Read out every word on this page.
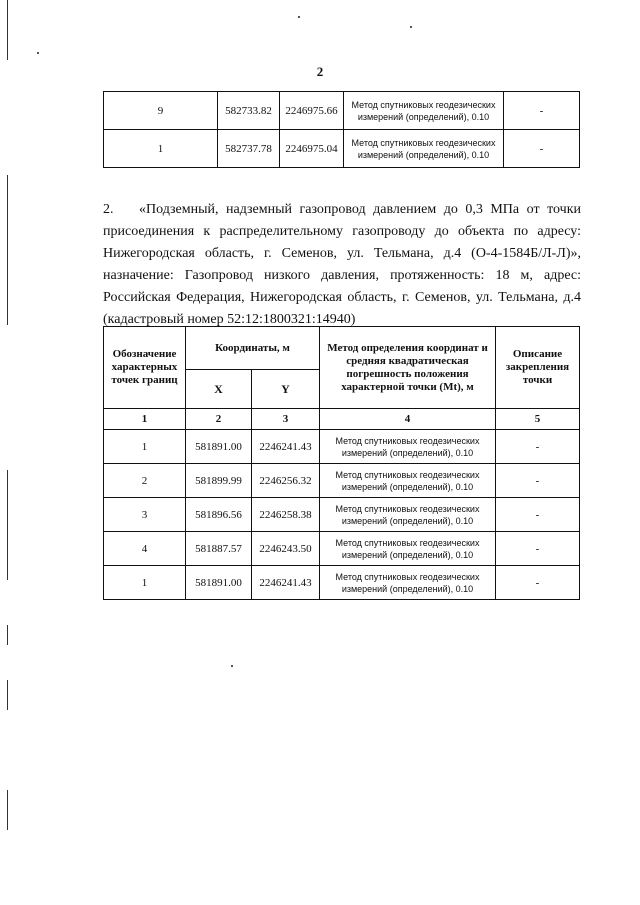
2
9	582733.82	2246975.66	Метод спутниковых геодезических измерений (определений), 0.10	-
1	582737.78	2246975.04	Метод спутниковых геодезических измерений (определений), 0.10	-
2. «Подземный, надземный газопровод давлением до 0,3 МПа от точки присоединения к распределительному газопроводу до объекта по адресу: Нижегородская область, г. Семенов, ул. Тельмана, д.4 (О-4-1584Б/Л-Л)», назначение: Газопровод низкого давления, протяженность: 18 м, адрес: Российская Федерация, Нижегородская область, г. Семенов, ул. Тельмана, д.4 (кадастровый номер 52:12:1800321:14940)
Обозначение характерных точек границ	Координаты, м		Метод определения координат и средняя квадратическая погрешность положения характерной точки (Mt), м	Описание закрепления точки
	X	Y		
1	2	3	4	5
1	581891.00	2246241.43	Метод спутниковых геодезических измерений (определений), 0.10	-
2	581899.99	2246256.32	Метод спутниковых геодезических измерений (определений), 0.10	-
3	581896.56	2246258.38	Метод спутниковых геодезических измерений (определений), 0.10	-
4	581887.57	2246243.50	Метод спутниковых геодезических измерений (определений), 0.10	-
1	581891.00	2246241.43	Метод спутниковых геодезических измерений (определений), 0.10	-
